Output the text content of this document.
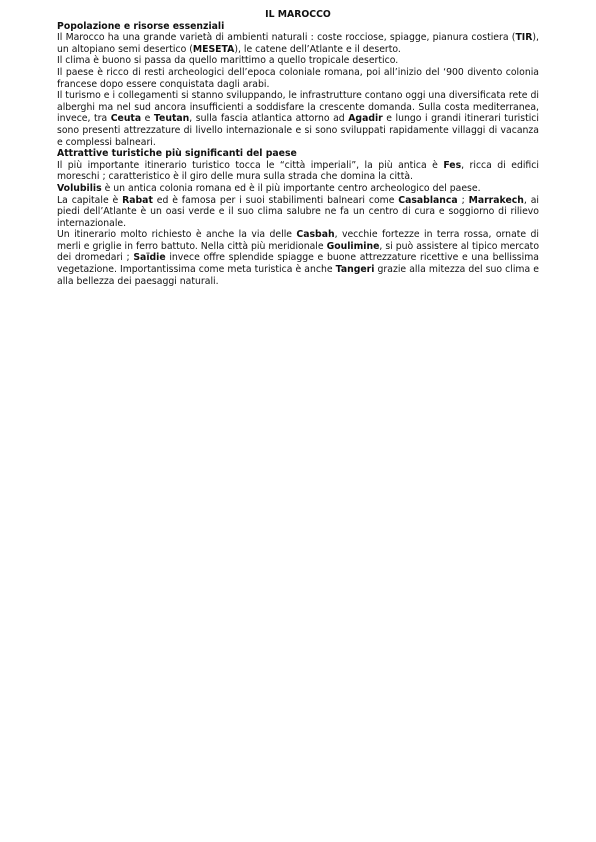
IL MAROCCO

Popolazione e risorse essenziali

Il Marocco ha una grande varietà di ambienti naturali : coste rocciose, spiagge, pianura costiera (TIR), un altopiano semi desertico (MESETA), le catene dell’Atlante e il deserto.

Il clima è buono si passa da quello marittimo a quello tropicale desertico.

Il paese è ricco di resti archeologici dell’epoca coloniale romana, poi all’inizio del ‘900 divento colonia francese dopo essere conquistata dagli arabi.

Il turismo e i collegamenti si stanno sviluppando, le infrastrutture contano oggi una diversificata rete di alberghi ma nel sud ancora insufficienti a soddisfare la crescente domanda. Sulla costa mediterranea, invece, tra Ceuta e Teutan, sulla fascia atlantica attorno ad Agadir e lungo i grandi itinerari turistici sono presenti attrezzature di livello internazionale e si sono sviluppati rapidamente villaggi di vacanza e complessi balneari.

Attrattive turistiche più significanti del paese

Il più importante itinerario turistico tocca le “città imperiali”, la più antica è Fes, ricca di edifici moreschi ; caratteristico è il giro delle mura sulla strada che domina la città.

Volubilis è un antica colonia romana ed è il più importante centro archeologico del paese.

La capitale è Rabat ed è famosa per i suoi stabilimenti balneari come Casablanca ; Marrakech, ai piedi dell’Atlante è un oasi verde e il suo clima salubre ne fa un centro di cura e soggiorno di rilievo internazionale.

Un itinerario molto richiesto è anche la via delle Casbah, vecchie fortezze in terra rossa, ornate di merli e griglie in ferro battuto. Nella città più meridionale Goulimine, si può assistere al tipico mercato dei dromedari ; Saïdie invece offre splendide spiagge e buone attrezzature ricettive e una bellissima vegetazione. Importantissima come meta turistica è anche Tangeri grazie alla mitezza del suo clima e alla bellezza dei paesaggi naturali.
